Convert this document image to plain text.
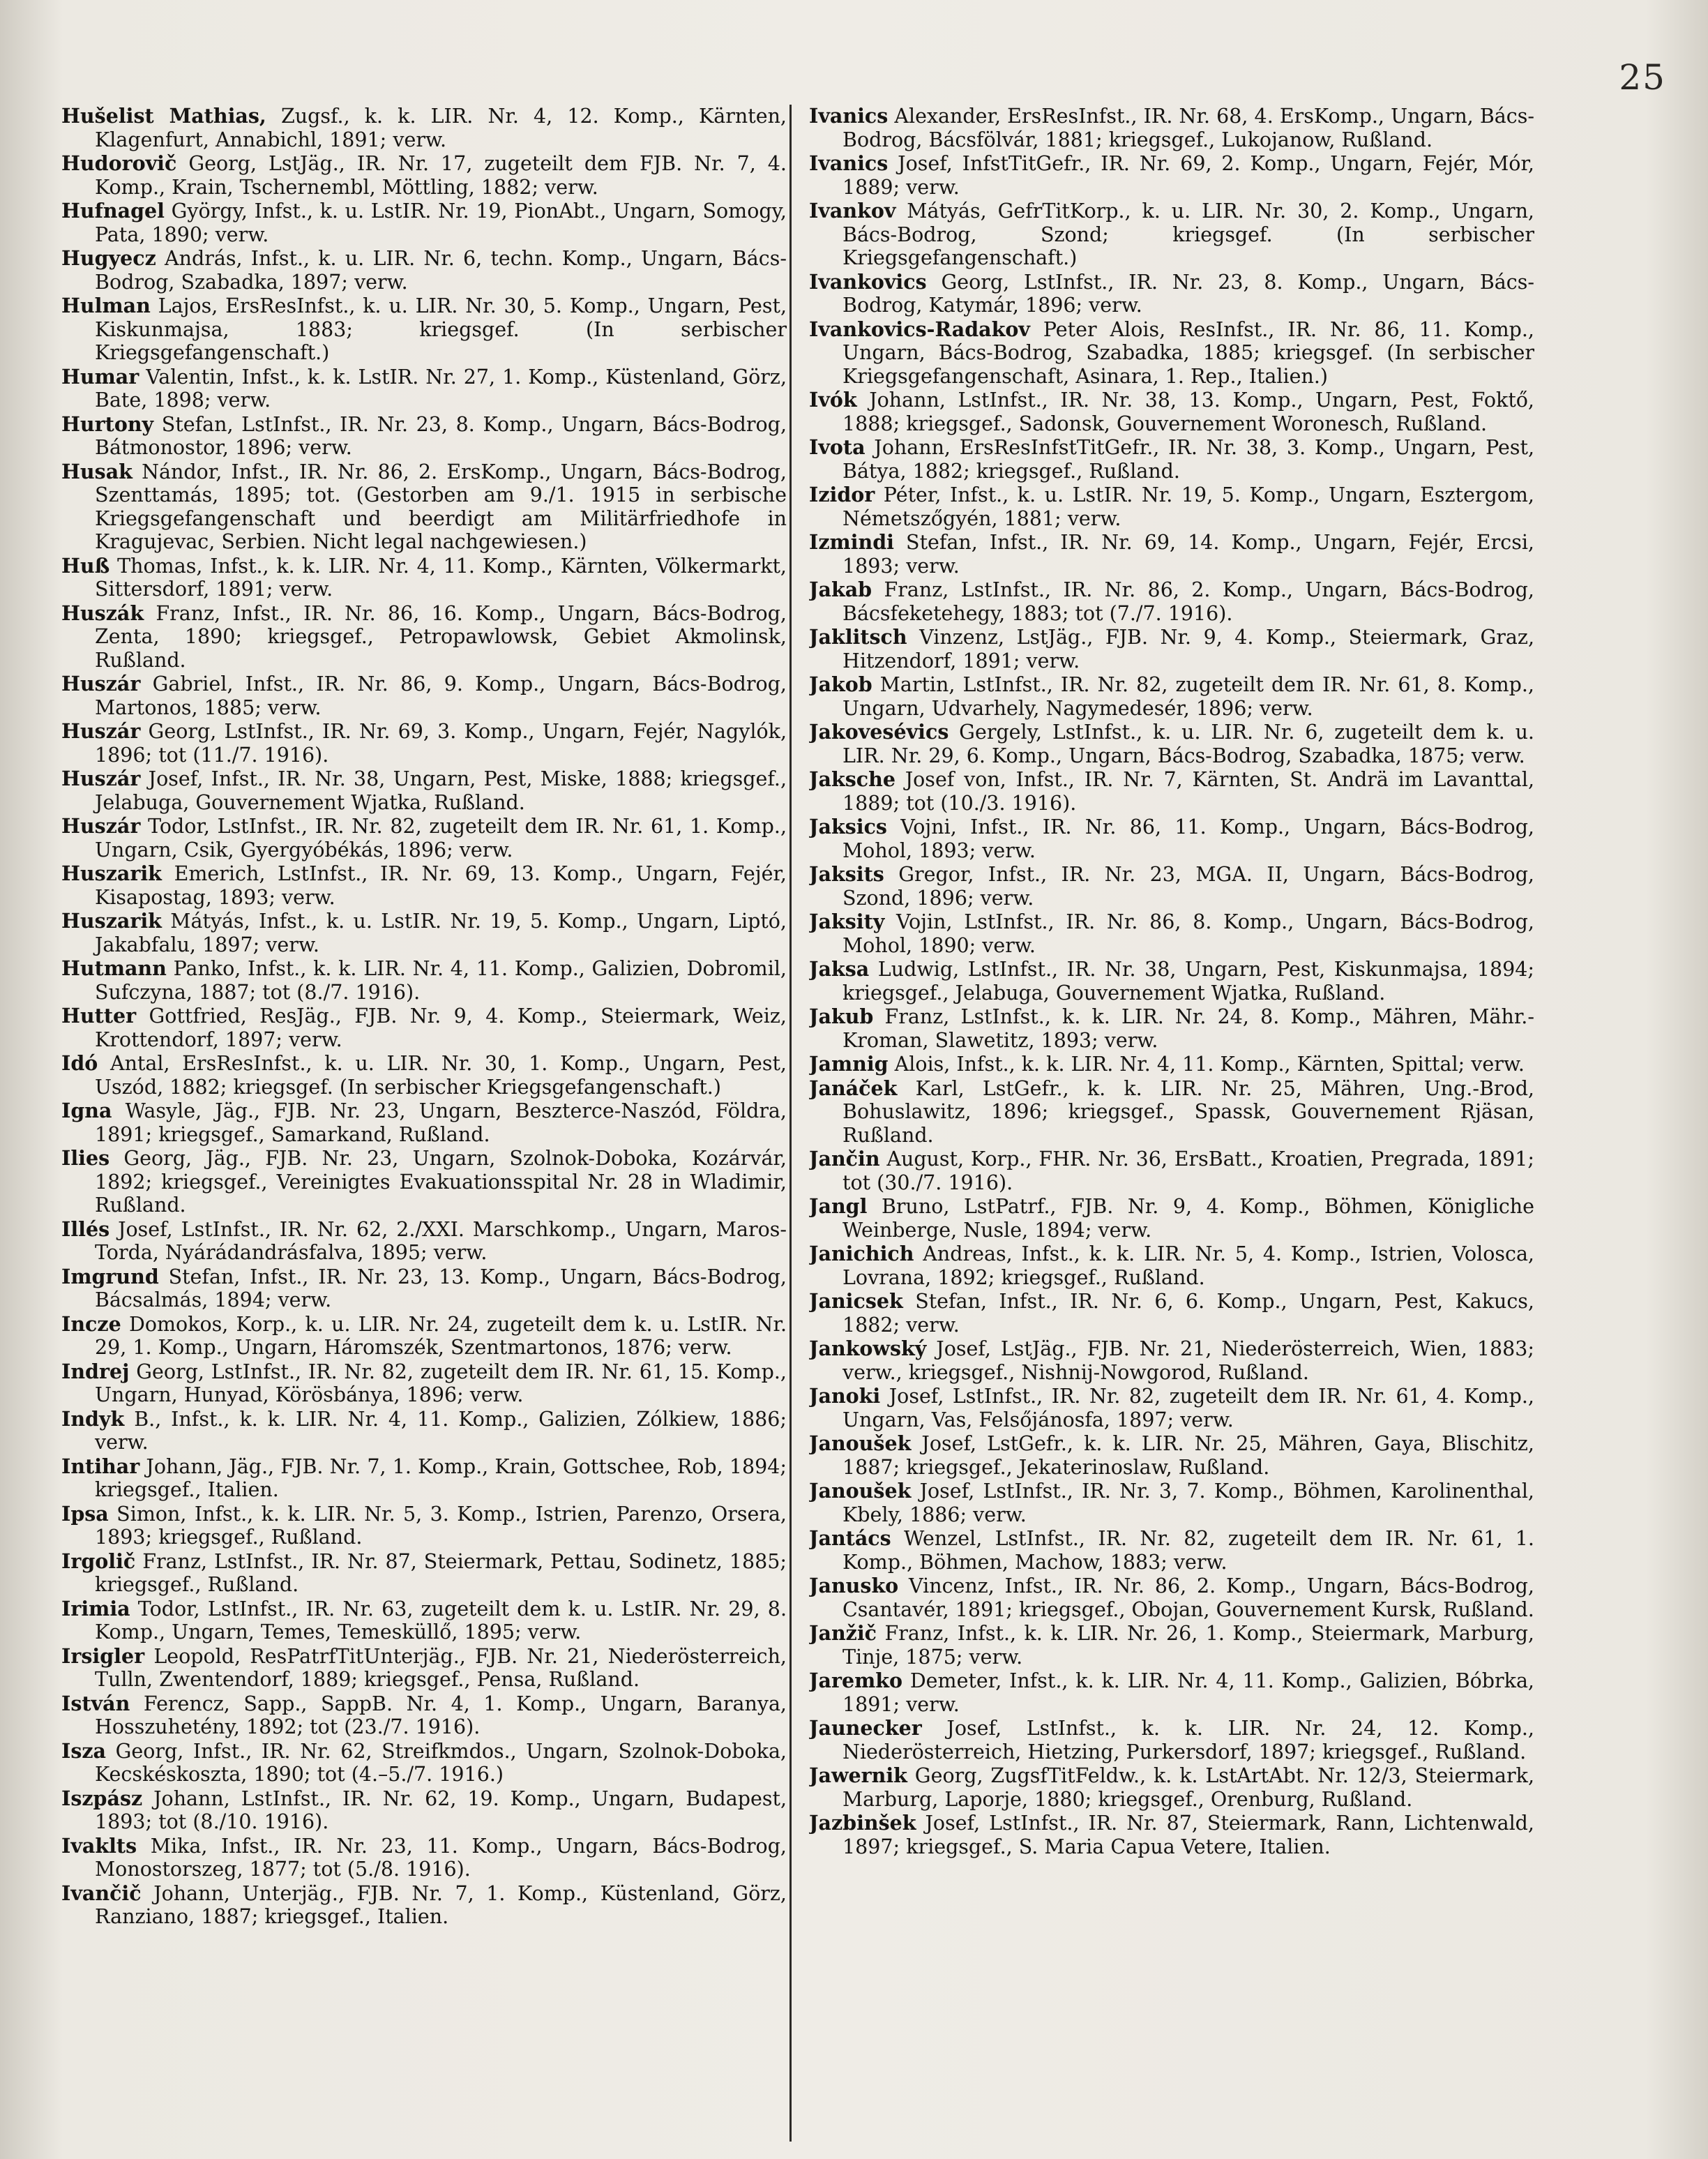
25
Hušelist Mathias, Zugsf., k. k. LIR. Nr. 4, 12. Komp., Kärnten, Klagenfurt, Annabichl, 1891; verw.
Hudorovič Georg, LstJäg., IR. Nr. 17, zugeteilt dem FJB. Nr. 7, 4. Komp., Krain, Tschernembl, Möttling, 1882; verw.
Hufnagel György, Infst., k. u. LstIR. Nr. 19, PionAbt., Ungarn, Somogy, Pata, 1890; verw.
Hugyecz András, Infst., k. u. LIR. Nr. 6, techn. Komp., Ungarn, Bács-Bodrog, Szabadka, 1897; verw.
Hulman Lajos, ErsResInfst., k. u. LIR. Nr. 30, 5. Komp., Ungarn, Pest, Kiskunmajsa, 1883; kriegsgef. (In serbischer Kriegsgefangenschaft.)
Humar Valentin, Infst., k. k. LstIR. Nr. 27, 1. Komp., Küstenland, Görz, Bate, 1898; verw.
Hurtony Stefan, LstInfst., IR. Nr. 23, 8. Komp., Ungarn, Bács-Bodrog, Bátmonostor, 1896; verw.
Husak Nándor, Infst., IR. Nr. 86, 2. ErsKomp., Ungarn, Bács-Bodrog, Szenttamás, 1895; tot. (Gestorben am 9./1. 1915 in serbische Kriegsgefangenschaft und beerdigt am Militärfriedhofe in Kragujevac, Serbien. Nicht legal nachgewiesen.)
Huß Thomas, Infst., k. k. LIR. Nr. 4, 11. Komp., Kärnten, Völkermarkt, Sittersdorf, 1891; verw.
Huszák Franz, Infst., IR. Nr. 86, 16. Komp., Ungarn, Bács-Bodrog, Zenta, 1890; kriegsgef., Petropawlowsk, Gebiet Akmolinsk, Rußland.
Huszár Gabriel, Infst., IR. Nr. 86, 9. Komp., Ungarn, Bács-Bodrog, Martonos, 1885; verw.
Huszár Georg, LstInfst., IR. Nr. 69, 3. Komp., Ungarn, Fejér, Nagylók, 1896; tot (11./7. 1916).
Huszár Josef, Infst., IR. Nr. 38, Ungarn, Pest, Miske, 1888; kriegsgef., Jelabuga, Gouvernement Wjatka, Rußland.
Huszár Todor, LstInfst., IR. Nr. 82, zugeteilt dem IR. Nr. 61, 1. Komp., Ungarn, Csik, Gyergyóbékás, 1896; verw.
Huszarik Emerich, LstInfst., IR. Nr. 69, 13. Komp., Ungarn, Fejér, Kisapostag, 1893; verw.
Huszarik Mátyás, Infst., k. u. LstIR. Nr. 19, 5. Komp., Ungarn, Liptó, Jakabfalu, 1897; verw.
Hutmann Panko, Infst., k. k. LIR. Nr. 4, 11. Komp., Galizien, Dobromil, Sufczyna, 1887; tot (8./7. 1916).
Hutter Gottfried, ResJäg., FJB. Nr. 9, 4. Komp., Steiermark, Weiz, Krottendorf, 1897; verw.
Idó Antal, ErsResInfst., k. u. LIR. Nr. 30, 1. Komp., Ungarn, Pest, Uszód, 1882; kriegsgef. (In serbischer Kriegsgefangenschaft.)
Igna Wasyle, Jäg., FJB. Nr. 23, Ungarn, Beszterce-Naszód, Földra, 1891; kriegsgef., Samarkand, Rußland.
Ilies Georg, Jäg., FJB. Nr. 23, Ungarn, Szolnok-Doboka, Kozárvár, 1892; kriegsgef., Vereinigtes Evakuationsspital Nr. 28 in Wladimir, Rußland.
Illés Josef, LstInfst., IR. Nr. 62, 2./XXI. Marschkomp., Ungarn, Maros-Torda, Nyárádandrásfalva, 1895; verw.
Imgrund Stefan, Infst., IR. Nr. 23, 13. Komp., Ungarn, Bács-Bodrog, Bácsalmás, 1894; verw.
Incze Domokos, Korp., k. u. LIR. Nr. 24, zugeteilt dem k. u. LstIR. Nr. 29, 1. Komp., Ungarn, Háromszék, Szentmartonos, 1876; verw.
Indrej Georg, LstInfst., IR. Nr. 82, zugeteilt dem IR. Nr. 61, 15. Komp., Ungarn, Hunyad, Körösbánya, 1896; verw.
Indyk B., Infst., k. k. LIR. Nr. 4, 11. Komp., Galizien, Zólkiew, 1886; verw.
Intihar Johann, Jäg., FJB. Nr. 7, 1. Komp., Krain, Gottschee, Rob, 1894; kriegsgef., Italien.
Ipsa Simon, Infst., k. k. LIR. Nr. 5, 3. Komp., Istrien, Parenzo, Orsera, 1893; kriegsgef., Rußland.
Irgolič Franz, LstInfst., IR. Nr. 87, Steiermark, Pettau, Sodinetz, 1885; kriegsgef., Rußland.
Irimia Todor, LstInfst., IR. Nr. 63, zugeteilt dem k. u. LstIR. Nr. 29, 8. Komp., Ungarn, Temes, Temesküllő, 1895; verw.
Irsigler Leopold, ResPatrfTitUnterjäg., FJB. Nr. 21, Niederösterreich, Tulln, Zwentendorf, 1889; kriegsgef., Pensa, Rußland.
István Ferencz, Sapp., SappB. Nr. 4, 1. Komp., Ungarn, Baranya, Hosszuhetény, 1892; tot (23./7. 1916).
Isza Georg, Infst., IR. Nr. 62, Streifkmdos., Ungarn, Szolnok-Doboka, Kecskéskoszta, 1890; tot (4.–5./7. 1916.)
Iszpász Johann, LstInfst., IR. Nr. 62, 19. Komp., Ungarn, Budapest, 1893; tot (8./10. 1916).
Ivaklts Mika, Infst., IR. Nr. 23, 11. Komp., Ungarn, Bács-Bodrog, Monostorszeg, 1877; tot (5./8. 1916).
Ivančič Johann, Unterjäg., FJB. Nr. 7, 1. Komp., Küstenland, Görz, Ranziano, 1887; kriegsgef., Italien.
Ivanics Alexander, ErsResInfst., IR. Nr. 68, 4. ErsKomp., Ungarn, Bács-Bodrog, Bácsfölvár, 1881; kriegsgef., Lukojanow, Rußland.
Ivanics Josef, InfstTitGefr., IR. Nr. 69, 2. Komp., Ungarn, Fejér, Mór, 1889; verw.
Ivankov Mátyás, GefrTitKorp., k. u. LIR. Nr. 30, 2. Komp., Ungarn, Bács-Bodrog, Szond; kriegsgef. (In serbischer Kriegsgefangenschaft.)
Ivankovics Georg, LstInfst., IR. Nr. 23, 8. Komp., Ungarn, Bács-Bodrog, Katymár, 1896; verw.
Ivankovics-Radakov Peter Alois, ResInfst., IR. Nr. 86, 11. Komp., Ungarn, Bács-Bodrog, Szabadka, 1885; kriegsgef. (In serbischer Kriegsgefangenschaft, Asinara, 1. Rep., Italien.)
Ivók Johann, LstInfst., IR. Nr. 38, 13. Komp., Ungarn, Pest, Foktő, 1888; kriegsgef., Sadonsk, Gouvernement Woronesch, Rußland.
Ivota Johann, ErsResInfstTitGefr., IR. Nr. 38, 3. Komp., Ungarn, Pest, Bátya, 1882; kriegsgef., Rußland.
Izidor Péter, Infst., k. u. LstIR. Nr. 19, 5. Komp., Ungarn, Esztergom, Németszőgyén, 1881; verw.
Izmindi Stefan, Infst., IR. Nr. 69, 14. Komp., Ungarn, Fejér, Ercsi, 1893; verw.
Jakab Franz, LstInfst., IR. Nr. 86, 2. Komp., Ungarn, Bács-Bodrog, Bácsfeketehegy, 1883; tot (7./7. 1916).
Jaklitsch Vinzenz, LstJäg., FJB. Nr. 9, 4. Komp., Steiermark, Graz, Hitzendorf, 1891; verw.
Jakob Martin, LstInfst., IR. Nr. 82, zugeteilt dem IR. Nr. 61, 8. Komp., Ungarn, Udvarhely, Nagymedesér, 1896; verw.
Jakovesévics Gergely, LstInfst., k. u. LIR. Nr. 6, zugeteilt dem k. u. LIR. Nr. 29, 6. Komp., Ungarn, Bács-Bodrog, Szabadka, 1875; verw.
Jaksche Josef von, Infst., IR. Nr. 7, Kärnten, St. Andrä im Lavanttal, 1889; tot (10./3. 1916).
Jaksics Vojni, Infst., IR. Nr. 86, 11. Komp., Ungarn, Bács-Bodrog, Mohol, 1893; verw.
Jaksits Gregor, Infst., IR. Nr. 23, MGA. II, Ungarn, Bács-Bodrog, Szond, 1896; verw.
Jaksity Vojin, LstInfst., IR. Nr. 86, 8. Komp., Ungarn, Bács-Bodrog, Mohol, 1890; verw.
Jaksa Ludwig, LstInfst., IR. Nr. 38, Ungarn, Pest, Kiskunmajsa, 1894; kriegsgef., Jelabuga, Gouvernement Wjatka, Rußland.
Jakub Franz, LstInfst., k. k. LIR. Nr. 24, 8. Komp., Mähren, Mähr.-Kroman, Slawetitz, 1893; verw.
Jamnig Alois, Infst., k. k. LIR. Nr. 4, 11. Komp., Kärnten, Spittal; verw.
Janáček Karl, LstGefr., k. k. LIR. Nr. 25, Mähren, Ung.-Brod, Bohuslawitz, 1896; kriegsgef., Spassk, Gouvernement Rjäsan, Rußland.
Jančin August, Korp., FHR. Nr. 36, ErsBatt., Kroatien, Pregrada, 1891; tot (30./7. 1916).
Jangl Bruno, LstPatrf., FJB. Nr. 9, 4. Komp., Böhmen, Königliche Weinberge, Nusle, 1894; verw.
Janichich Andreas, Infst., k. k. LIR. Nr. 5, 4. Komp., Istrien, Volosca, Lovrana, 1892; kriegsgef., Rußland.
Janicsek Stefan, Infst., IR. Nr. 6, 6. Komp., Ungarn, Pest, Kakucs, 1882; verw.
Jankowský Josef, LstJäg., FJB. Nr. 21, Niederösterreich, Wien, 1883; verw., kriegsgef., Nishnij-Nowgorod, Rußland.
Janoki Josef, LstInfst., IR. Nr. 82, zugeteilt dem IR. Nr. 61, 4. Komp., Ungarn, Vas, Felsőjánosfa, 1897; verw.
Janoušek Josef, LstGefr., k. k. LIR. Nr. 25, Mähren, Gaya, Blischitz, 1887; kriegsgef., Jekaterinoslaw, Rußland.
Janoušek Josef, LstInfst., IR. Nr. 3, 7. Komp., Böhmen, Karolinenthal, Kbely, 1886; verw.
Jantács Wenzel, LstInfst., IR. Nr. 82, zugeteilt dem IR. Nr. 61, 1. Komp., Böhmen, Machow, 1883; verw.
Janusko Vincenz, Infst., IR. Nr. 86, 2. Komp., Ungarn, Bács-Bodrog, Csantavér, 1891; kriegsgef., Obojan, Gouvernement Kursk, Rußland.
Janžič Franz, Infst., k. k. LIR. Nr. 26, 1. Komp., Steiermark, Marburg, Tinje, 1875; verw.
Jaremko Demeter, Infst., k. k. LIR. Nr. 4, 11. Komp., Galizien, Bóbrka, 1891; verw.
Jaunecker Josef, LstInfst., k. k. LIR. Nr. 24, 12. Komp., Niederösterreich, Hietzing, Purkersdorf, 1897; kriegsgef., Rußland.
Jawernik Georg, ZugsfTitFeldw., k. k. LstArtAbt. Nr. 12/3, Steiermark, Marburg, Laporje, 1880; kriegsgef., Orenburg, Rußland.
Jazbinšek Josef, LstInfst., IR. Nr. 87, Steiermark, Rann, Lichtenwald, 1897; kriegsgef., S. Maria Capua Vetere, Italien.
